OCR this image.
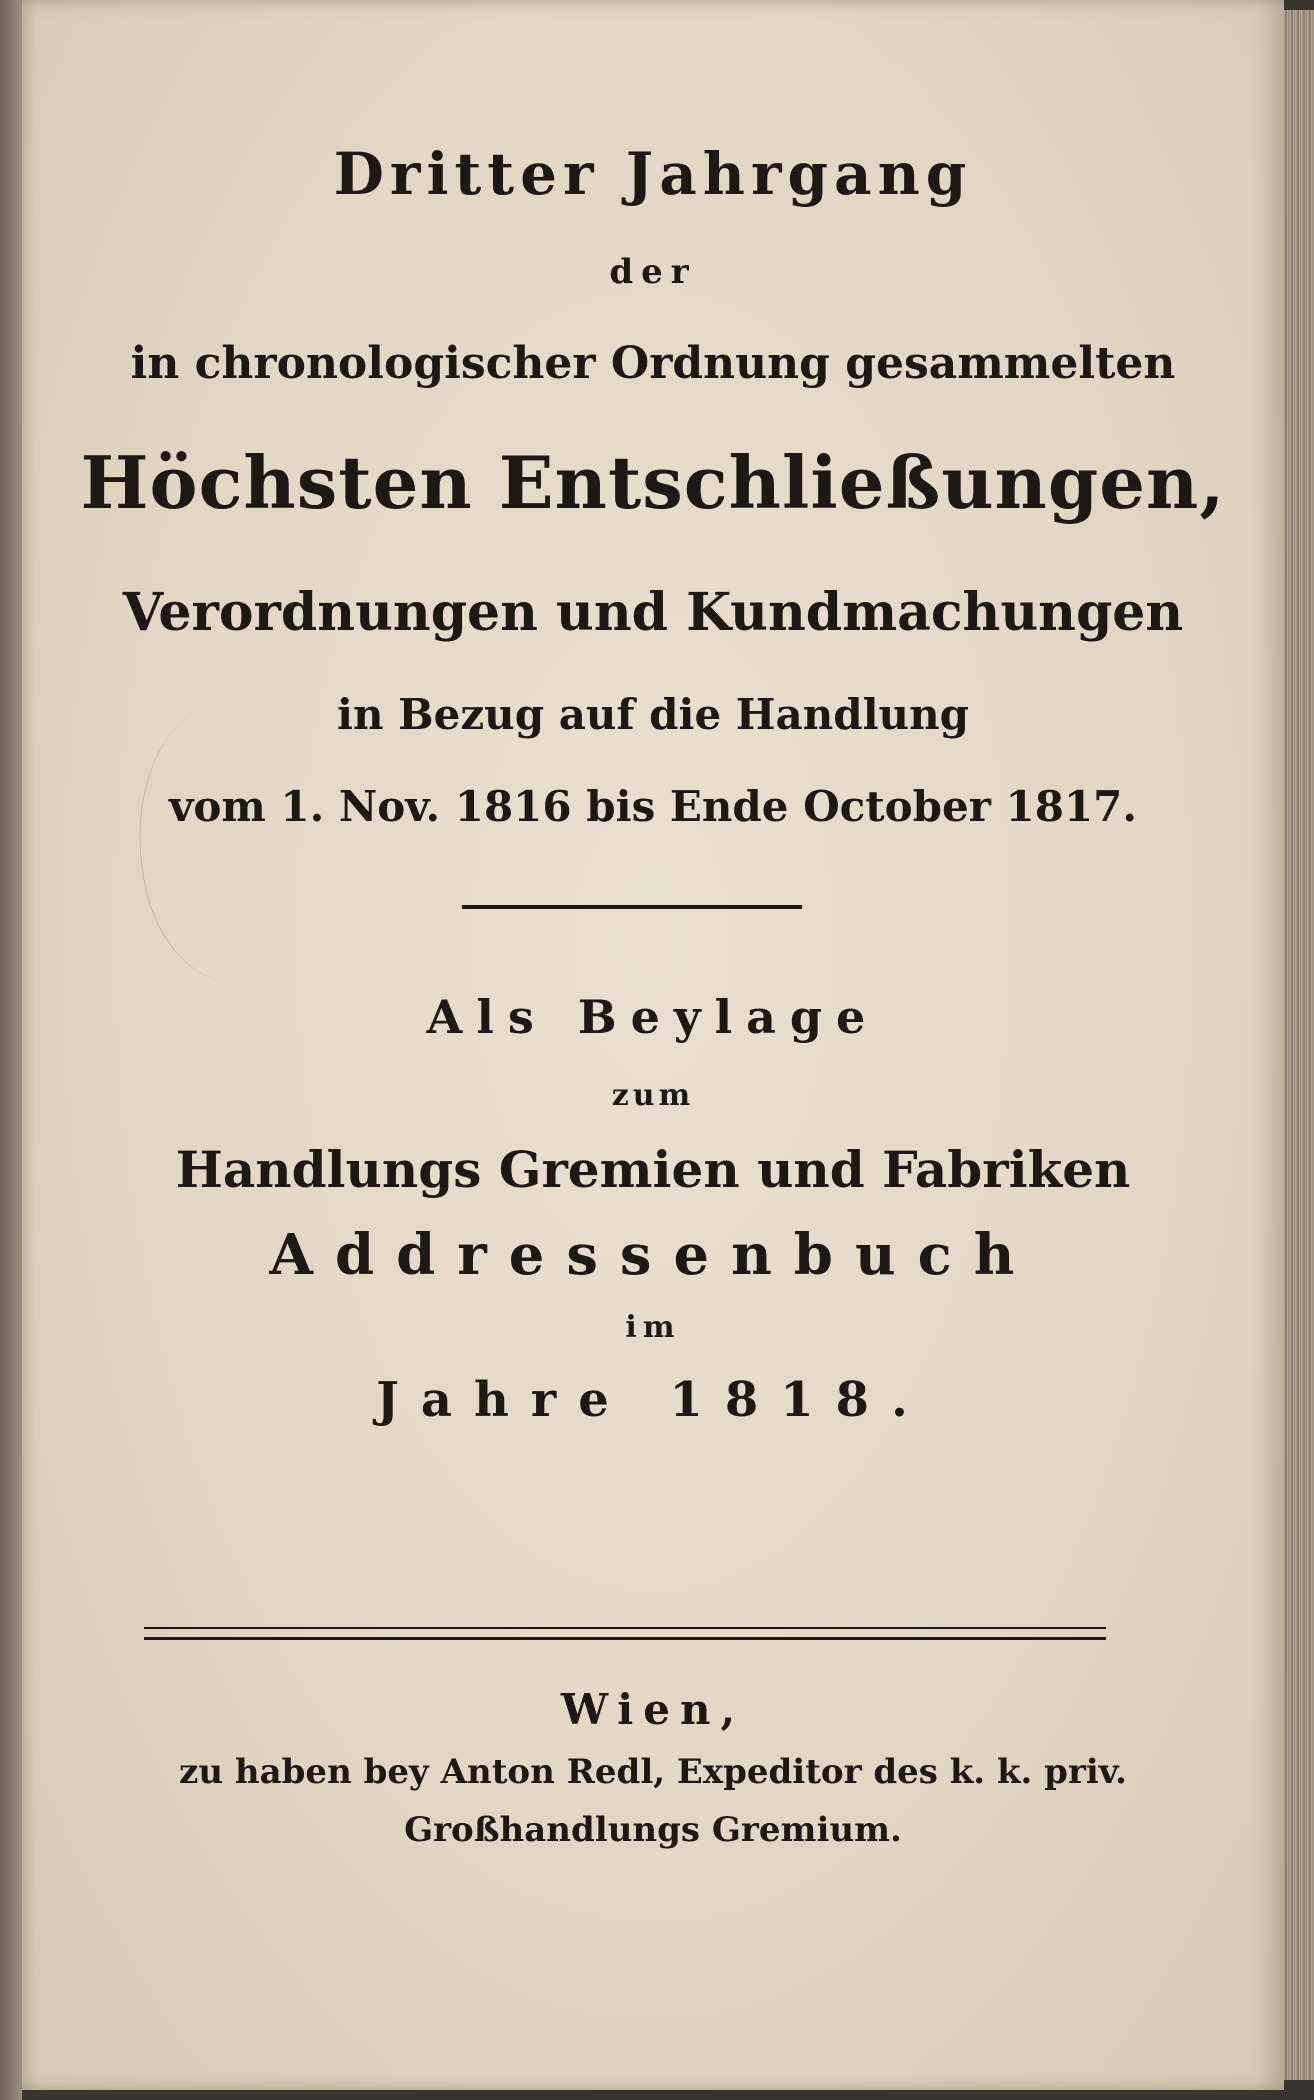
Dritter Jahrgang
der
in chronologischer Ordnung gesammelten
Höchsten Entschließungen,
Verordnungen und Kundmachungen
in Bezug auf die Handlung
vom 1. Nov. 1816 bis Ende October 1817.
Als Beylage
zum
Handlungs Gremien und Fabriken
Addressenbuch
im
Jahre 1818.
Wien,
zu haben bey Anton Redl, Expeditor des k. k. priv.
Großhandlungs Gremium.
